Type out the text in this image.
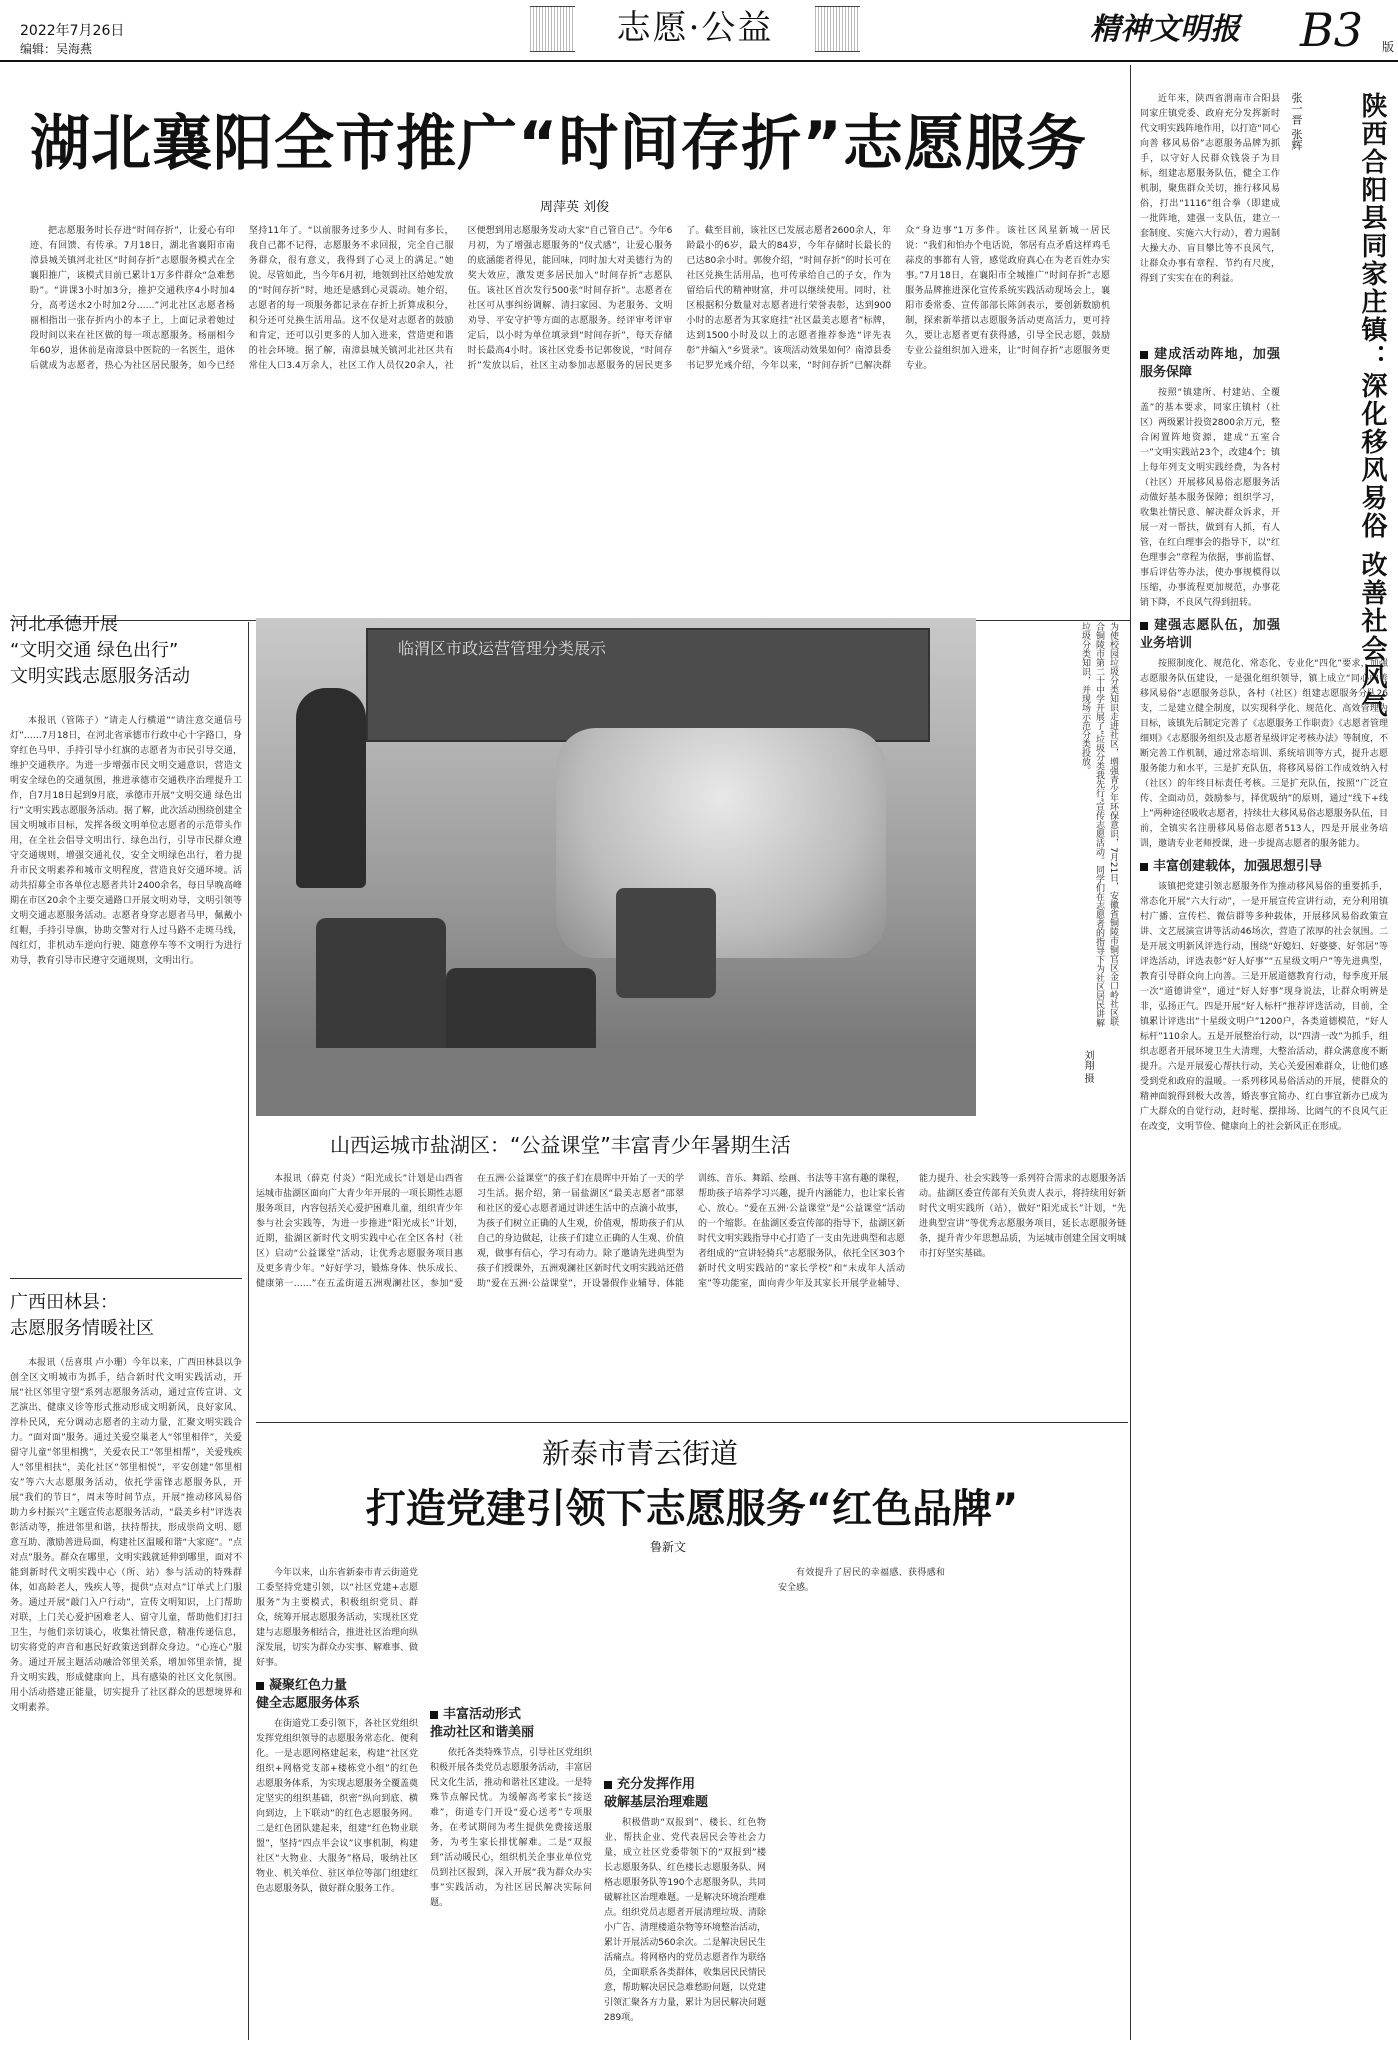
2022年7月26日
编辑：吴海燕
志愿·公益	精神文明报	B3 版
湖北襄阳全市推广“时间存折”志愿服务
周萍英 刘俊
把志愿服务时长存进“时间存折”，让爱心有印迹、有回馈、有传承。7月18日，湖北省襄阳市南漳县城关镇河北社区“时间存折”志愿服务模式在全襄阳推广，该模式目前已累计1万多件群众“急难愁盼”。“讲课3小时加3分，推护交通秩序4小时加4分，高考送水2小时加2分……”河北社区志愿者杨丽相指出一张存折内小的本子上，上面记录着她过段时间以来在社区做的每一项志愿服务。杨丽相今年60岁，退休前是南漳县中医院的一名医生，退休后就成为志愿者，热心为社区居民服务，如今已经坚持11年了。“以前服务过多少人、时间有多长，我自己都不记得，志愿服务不求回报，完全自己服务群众，很有意义，我得到了心灵上的满足。”她说。尽管如此，当今年6月初，地领到社区给她发放的“时间存折”时，地还是感到心灵震动。她介绍，志愿者的每一项服务都记录在存折上折算成积分，积分还可兑换生活用品。这不仅是对志愿者的鼓励和肯定，还可以引更多的人加入进来，营造更和谐的社会环境。据了解，南漳县城关镇河北社区共有常住人口3.4万余人，社区工作人员仅20余人，社区便想到用志愿服务发动大家“自己管自己”。今年6月初，为了增强志愿服务的“仪式感”，让爱心服务的底涵能者得见，能回味，同时加大对美德行为的奖大效应，激发更多居民加入“时间存折”志愿队伍。该社区首次发行500张“时间存折”。志愿者在社区可从事纠纷调解、清扫家园、为老服务、文明劝导、平安守护等方面的志愿服务。经评审考评审定后，以小时为单位填录到“时间存折”，每天存储时长最高4小时。该社区党委书记郭俊说，“时间存折”发放以后，社区主动参加志愿服务的居民更多了。截至目前，该社区已发展志愿者2600余人，年龄最小的6岁，最大的84岁，今年存储时长最长的已达80余小时。郭俊介绍，“时间存折”的时长可在社区兑换生活用品，也可传承给自己的子女，作为留给后代的精神财富，并可以继续使用。同时，社区根据积分数量对志愿者进行荣誉表彰，达到900小时的志愿者为其家庭挂“社区最美志愿者”标牌，达到1500小时及以上的志愿者推荐参选“评先表彰”并编入“乡贤录”。该项活动效果如何？南漳县委书记罗光彧介绍，今年以来，“时间存折”已解决群众“身边事”1万多件。该社区风星新城一居民说：“我们和怕办个电话说，邻居有点矛盾这样鸡毛蒜皮的事都有人管，感觉政府真心在为老百姓办实事。”7月18日，在襄阳市全城推广“时间存折”志愿服务品牌推进深化宣传系统实践活动现场会上，襄阳市委常委、宣传部部长陈剑表示，要创新数励机制，探索新举措以志愿服务活动更高活力，更可持久，要让志愿者更有获得感，引导全民志愿，鼓励专业公益组织加入进来，让“时间存折”志愿服务更专业。
河北承德开展
“文明交通 绿色出行”
文明实践志愿服务活动
本报讯（管陈子）“请走人行横道”“请注意交通信号灯”……7月18日，在河北省承德市行政中心十字路口，身穿红色马甲、手持引导小红旗的志愿者为市民引导交通，维护交通秩序。为进一步增强市民文明交通意识，营造文明安全绿色的交通氛围，推进承德市交通秩序治理提升工作，自7月18日起到9月底，承德市开展“文明交通 绿色出行”文明实践志愿服务活动。据了解，此次活动围绕创建全国文明城市目标，发挥各级文明单位志愿者的示范带头作用，在全社会倡导文明出行、绿色出行，引导市民群众遵守交通规则，增强交通礼仪，安全文明绿色出行，着力提升市民文明素养和城市文明程度，营造良好交通环境。活动共招募全市各单位志愿者共计2400余名，每日早晚高峰期在市区20余个主要交通路口开展文明劝导，文明引领等文明交通志愿服务活动。志愿者身穿志愿者马甲，佩戴小红帽，手持引导旗，协助交警对行人过马路不走斑马线，闯红灯，非机动车逆向行驶、随意停车等不文明行为进行劝导，教育引导市民遵守交通规则，文明出行。
广西田林县：
志愿服务情暖社区
本报讯（岳喜琪 卢小珊）今年以来，广西田林县以争创全区文明城市为抓手，结合新时代文明实践活动，开展“社区邻里守望”系列志愿服务活动，通过宣传宣讲、文艺演出、健康义诊等形式推动形成文明新风，良好家风、淳朴民风，充分调动志愿者的主动力量，汇聚文明实践合力。“面对面”服务。通过关爱空巢老人“邻里相伴”，关爱留守儿童“邻里相携”，关爱农民工“邻里相帮”，关爱残疾人“邻里相扶”，美化社区“邻里相悦”，平安创建“邻里相安”等六大志愿服务活动，依托学雷锋志愿服务队，开展“我们的节日”，周末等时间节点，开展“推动移风易俗 助力乡村振兴”主题宣传志愿服务活动，“最美乡村”评选表彰活动等，推进邻里和谐，扶持帮扶，形成崇尚文明、愿意互助、激励善进局面，构建社区温暖和谐“大家庭”。“点对点”服务。群众在哪里，文明实践就延伸到哪里，面对不能到新时代文明实践中心（所、站）参与活动的特殊群体，如高龄老人，残疾人等，提供“点对点”订单式上门服务。通过开展“敲门入户行动”，宣传文明知识，上门帮助对联，上门关心爱护困难老人、留守儿童，帮助他们打扫卫生，与他们亲切谈心，收集社情民意，精准传递信息，切实将党的声音和惠民好政策送到群众身边。“心连心”服务。通过开展主题活动融洽邻里关系，增加邻里亲情，提升文明实践，形成健康向上，具有感染的社区文化氛围。用小活动搭建正能量，切实提升了社区群众的思想境界和文明素养。
临渭区市政运营管理分类展示	为使校园垃圾分类知识走进社区，增强青少年环保意识，7月21日，安徽省铜陵市铜官区金口岭社区联合铜陵市第二十中学开展了“垃圾分类我先行”宣传志愿活动。同学们在志愿者的指导下为社区居民讲解垃圾分类知识，并现场示范分类投放。
刘翔 摄
山西运城市盐湖区：“公益课堂”丰富青少年暑期生活
本报讯（薛克 付炎）“阳光成长”计划是山西省运城市盐湖区面向广大青少年开展的一项长期性志愿服务项目，内容包括关心爱护困难儿童，组织青少年参与社会实践等，为进一步推进“阳光成长”计划，近期，盐湖区新时代文明实践中心在全区各村（社区）启动“公益课堂”活动，让优秀志愿服务项目惠及更多青少年。“好好学习，锻炼身体、快乐成长、健康第一……”在五孟街道五洲观澜社区，参加“爱在五洲·公益课堂”的孩子们在晨晖中开始了一天的学习生活。据介绍，第一届盐湖区“最美志愿者”邵翠和社区的爱心志愿者通过讲述生活中的点滴小故事，为孩子们树立正确的人生观，价值观，帮助孩子们从自己的身边做起，让孩子们建立正确的人生观、价值观，做事有信心，学习有动力。除了邀请先进典型为孩子们授课外，五洲观澜社区新时代文明实践站还借助“爱在五洲·公益课堂”，开设暑假作业辅导、体能训练、音乐、舞蹈、绘画、书法等丰富有趣的课程，帮助孩子培养学习兴趣，提升内涵能力，也让家长省心、放心。“爱在五洲·公益课堂”是“公益课堂”活动的一个缩影。在盐湖区委宣传部的指导下，盐湖区新时代文明实践指导中心打造了一支由先进典型和志愿者组成的“宣讲轻骑兵”志愿服务队，依托全区303个新时代文明实践站的“家长学校”和“未成年人活动室”等功能室，面向青少年及其家长开展学业辅导、能力提升、社会实践等一系列符合需求的志愿服务活动。盐湖区委宣传部有关负责人表示，将持续用好新时代文明实践所（站），做好“阳光成长”计划，“先进典型宣讲”等优秀志愿服务项目，延长志愿服务链条，提升青少年思想品质，为运城市创建全国文明城市打好坚实基础。
新泰市青云街道
打造党建引领下志愿服务“红色品牌”
鲁新文

今年以来，山东省新泰市青云街道党工委坚持党建引领，以“社区党建+志愿服务”为主要模式，积极组织党员、群众，统筹开展志愿服务活动，实现社区党建与志愿服务相结合，推进社区治理向纵深发展，切实为群众办实事、解难事、做好事。

凝聚红色力量
健全志愿服务体系

在街道党工委引领下，各社区党组织发挥党组织领导的志愿服务常态化、便利化。一是志愿网格建起来，构建“社区党组织+网格党支部+楼栋党小组”的红色志愿服务体系，为实现志愿服务全覆盖奠定坚实的组织基础，织密“纵向到底、横向到边，上下联动”的红色志愿服务网。二是红色团队建起来，组建“红色物业联盟”，坚持“四点半会议”议事机制，构建社区“大物业、大服务”格局，吸纳社区物业、机关单位、驻区单位等部门组建红色志愿服务队，做好群众服务工作。

丰富活动形式
推动社区和谐美丽

依托各类特殊节点，引导社区党组织积极开展各类党员志愿服务活动，丰富居民文化生活，推动和谐社区建设。一是特殊节点解民忧。为缓解高考家长“接送难”，街道专门开设“爱心送考”专项服务，在考试期间为考生提供免费接送服务，为考生家长排忧解难。二是“双报到”活动暖民心，组织机关企事业单位党员到社区报到，深入开展“我为群众办实事”实践活动，为社区居民解决实际问题。

充分发挥作用
破解基层治理难题

积极借助“双报到”、楼长、红色物业、帮扶企业、党代表居民会等社会力量，成立社区党委带领下的“双报到”楼长志愿服务队、红色楼长志愿服务队、网格志愿服务队等190个志愿服务队，共同破解社区治理难题。一是解决环境治理难点。组织党员志愿者开展清理垃圾、清除小广告、清理楼道杂物等环境整治活动，累计开展活动560余次。二是解决居民生活痛点。将网格内的党员志愿者作为联络员，全面联系各类群体，收集居民民情民意，帮助解决居民急难愁盼问题，以党建引领汇聚各方力量，累计为居民解决问题289项。

有效提升了居民的幸福感、获得感和安全感。

张一晋 张辉	陕西合阳县同家庄镇：深化移风易俗 改善社会风气
近年来，陕西省渭南市合阳县同家庄镇党委、政府充分发挥新时代文明实践阵地作用，以打造“同心向善 移风易俗”志愿服务品牌为抓手，以守好人民群众钱袋子为目标，组建志愿服务队伍，健全工作机制，聚焦群众关切，推行移风易俗，打出“1116”组合拳（即建成一批阵地，建强一支队伍，建立一套制度、实施六大行动），着力遏制大操大办、盲目攀比等不良风气，让群众办事有章程、节约有尺度，得到了实实在在的利益。
建成活动阵地，加强服务保障

按照“镇建所、村建站、全覆盖”的基本要求，同家庄镇村（社区）两级累计投资2800余万元，整合闲置阵地资源，建成“五室合一”文明实践站23个，改建4个；镇上每年列支文明实践经费，为各村（社区）开展移风易俗志愿服务活动做好基本服务保障；组织学习，收集社情民意、解决群众诉求，开展一对一帮扶，做到有人抓，有人管，在红白理事会的指导下，以“红色理事会”章程为依据，事前监督、事后评估等办法，使办事规模得以压缩，办事流程更加规范，办事花销下降，不良风气得到扭转。

建强志愿队伍，加强业务培训

按照制度化、规范化、常态化、专业化“四化”要求，加强志愿服务队伍建设，一是强化组织领导，镇上成立“同心向善 移风易俗”志愿服务总队，各村（社区）组建志愿服务分队26支，二是建立健全制度，以实现科学化、规范化、高效管理为目标，该镇先后制定完善了《志愿服务工作职责》《志愿者管理细则》《志愿服务组织及志愿者星级评定考核办法》等制度，不断完善工作机制，通过常态培训、系统培训等方式，提升志愿服务能力和水平，三是扩充队伍，将移风易俗工作成效纳入村（社区）的年终目标责任考核。三是扩充队伍，按照“广泛宣传、全面动员，鼓励参与，择优吸纳”的原则，通过“线下+线上”两种途径吸收志愿者，持续壮大移风易俗志愿服务队伍，目前，全镇实名注册移风易俗志愿者513人，四是开展业务培训，邀请专业老师授课，进一步提高志愿者的服务能力。

丰富创建载体，加强思想引导

该镇把党建引领志愿服务作为推动移风易俗的重要抓手，常态化开展“六大行动”，一是开展宣传宣讲行动，充分利用镇村广播、宣传栏、微信群等多种载体，开展移风易俗政策宣讲、文艺展演宣讲等活动46场次，营造了浓厚的社会氛围。二是开展文明新风评选行动，围绕“好媳妇、好婆婆、好邻居”等评选活动，评选表彰“好人好事”“五星级文明户”等先进典型，教育引导群众向上向善。三是开展道德教育行动，每季度开展一次“道德讲堂”，通过“好人好事”现身说法，让群众明辨是非，弘扬正气。四是开展“好人标杆”推荐评选活动，目前，全镇累计评选出“十星级文明户”1200户，各类道德模范，“好人标杆”110余人。五是开展整治行动，以“四清一改”为抓手，组织志愿者开展环境卫生大清理，大整治活动，群众满意度不断提升。六是开展爱心帮扶行动，关心关爱困难群众，让他们感受到党和政府的温暖。一系列移风易俗活动的开展，使群众的精神面貌得到极大改善，婚丧事宜简办、红白事宜新办已成为广大群众的自觉行动，赶时髦、摆排场、比阔气的不良风气正在改变，文明节俭、健康向上的社会新风正在形成。
